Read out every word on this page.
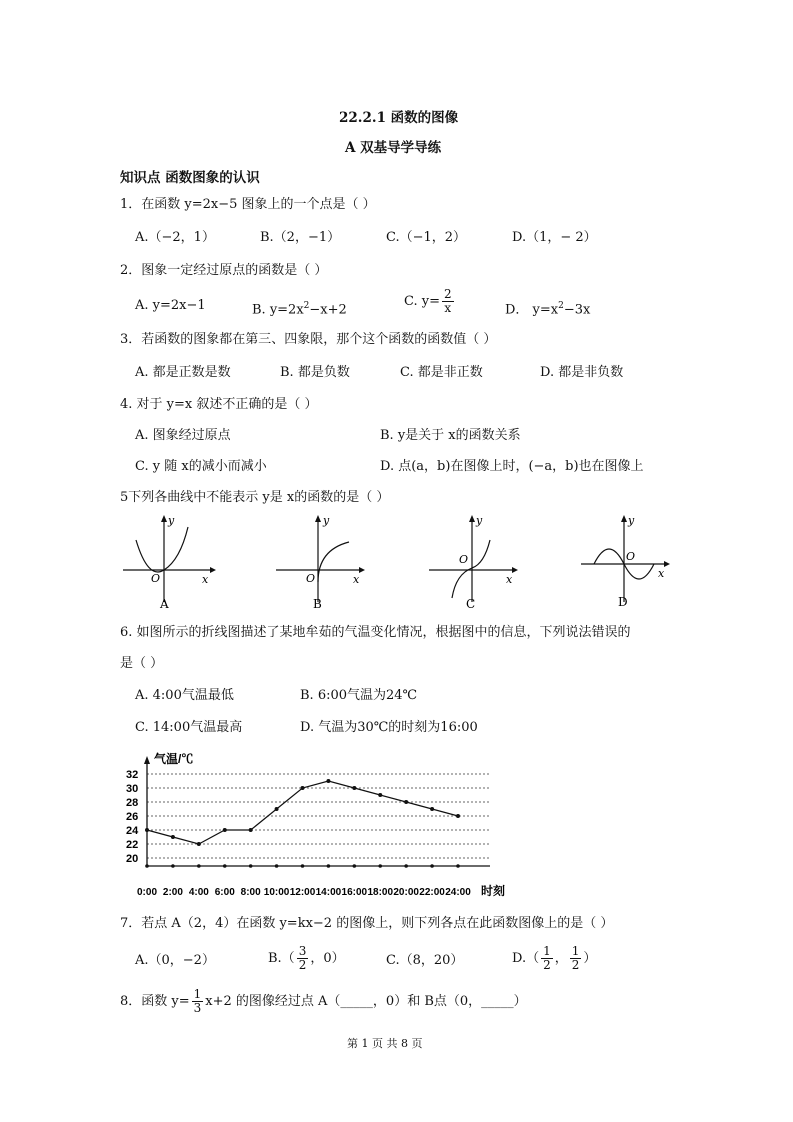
22.2.1 函数的图像
A 双基导学导练
知识点 函数图象的认识
1．在函数 y=2x−5 图象上的一个点是（ ）
A.（−2，1）	B.（2，−1）	C.（−1，2）	D.（1，− 2）
2．图象一定经过原点的函数是（ ）
A. y=2x−1	B. $y=2x^2-x+2$
C. $y= \frac{2}{x}$	D． $y=x^2-3x$
3．若函数的图象都在第三、四象限，那个这个函数的函数值（ ）
A. 都是正数是数	B. 都是负数	C. 都是非正数	D. 都是非负数
4. 对于 y=x 叙述不正确的是（ ）
A. 图象经过原点	B. y是关于 x的函数关系
C. y 随 x的减小而减小	D. 点(a，b)在图像上时，(−a，b)也在图像上
5下列各曲线中不能表示 y是 x的函数的是（ ）
y
x
O
A
y
x
O
B
y
x
O
C
y
x
O
D
6. 如图所示的折线图描述了某地牟茹的气温变化情况，根据图中的信息，下列说法错误的
是（ ）
A. 4:00气温最低	B. 6:00气温为24℃
C. 14:00气温最高	D. 气温为30℃的时刻为16:00
气温/℃
时刻
20
22
24
26
28
30
32
0:00 2:00 4:00 6:00 8:00 10:00 12:00 14:00 16:00 18:00 20:00 22:00 24:00
7．若点 A（2，4）在函数 y=kx−2 的图像上，则下列各点在此函数图像上的是（ ）
A.（0，−2）	$B.( \frac{3}{2}$ ，0）	C.（8，20）	$D.( \frac{1}{2}$ ， $\frac{1}{2}$ ）
8．函数 $y= \frac{1}{3} x+2$ 的图像经过点 A（_____，0）和 B点（0，_____）
第 1 页 共 8 页
